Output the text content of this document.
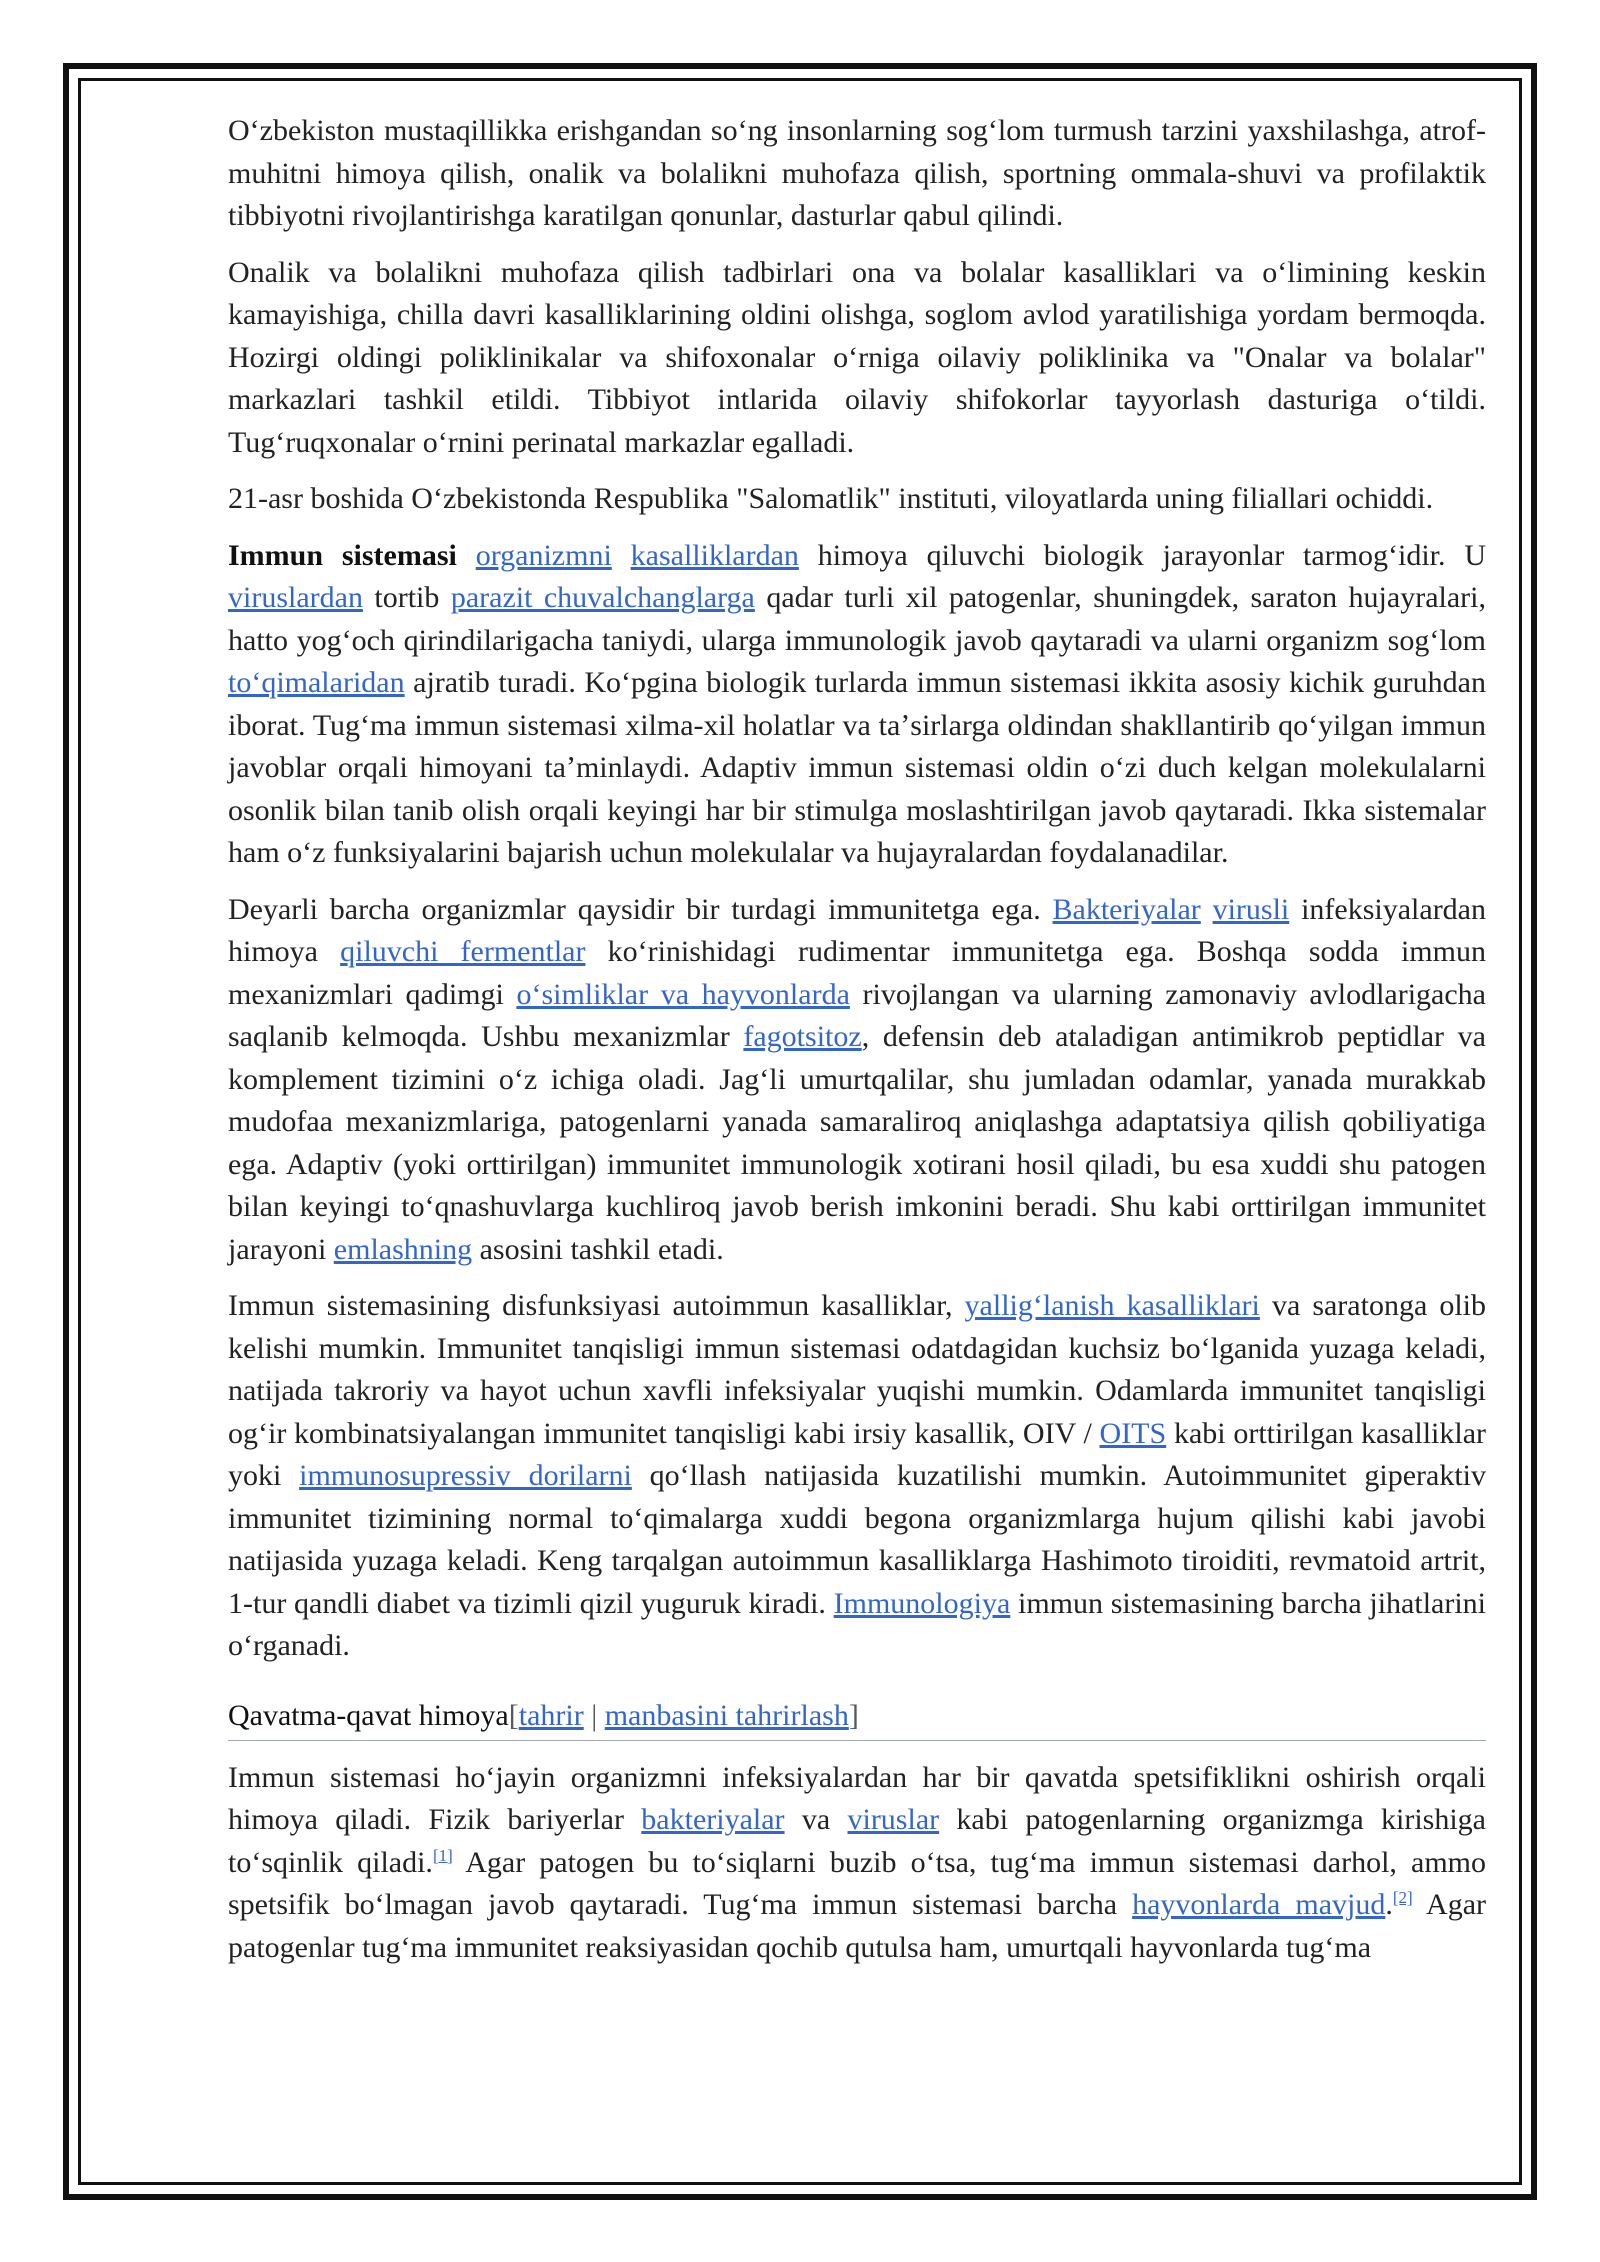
Oʻzbekiston mustaqillikka erishgandan soʻng insonlarning sogʻlom turmush tarzini yaxshilashga, atrof-muhitni himoya qilish, onalik va bolalikni muhofaza qilish, sportning ommala-shuvi va profilaktik tibbiyotni rivojlantirishga karatilgan qonunlar, dasturlar qabul qilindi.

Onalik va bolalikni muhofaza qilish tadbirlari ona va bolalar kasalliklari va oʻlimining keskin kamayishiga, chilla davri kasalliklarining oldini olishga, soglom avlod yaratilishiga yordam bermoqda. Hozirgi oldingi poliklinikalar va shifoxonalar oʻrniga oilaviy poliklinika va "Onalar va bolalar" markazlari tashkil etildi. Tibbiyot intlarida oilaviy shifokorlar tayyorlash dasturiga oʻtildi. Tugʻruqxonalar oʻrnini perinatal markazlar egalladi.

21-asr boshida Oʻzbekistonda Respublika "Salomatlik" instituti, viloyatlarda uning filiallari ochiddi.

Immun sistemasi organizmni kasalliklardan himoya qiluvchi biologik jarayonlar tarmogʻidir. U viruslardan tortib parazit chuvalchanglarga qadar turli xil patogenlar, shuningdek, saraton hujayralari, hatto yogʻoch qirindilarigacha taniydi, ularga immunologik javob qaytaradi va ularni organizm sogʻlom toʻqimalaridan ajratib turadi. Koʻpgina biologik turlarda immun sistemasi ikkita asosiy kichik guruhdan iborat. Tugʻma immun sistemasi xilma-xil holatlar va taʼsirlarga oldindan shakllantirib qoʻyilgan immun javoblar orqali himoyani taʼminlaydi. Adaptiv immun sistemasi oldin oʻzi duch kelgan molekulalarni osonlik bilan tanib olish orqali keyingi har bir stimulga moslashtirilgan javob qaytaradi. Ikka sistemalar ham oʻz funksiyalarini bajarish uchun molekulalar va hujayralardan foydalanadilar.

Deyarli barcha organizmlar qaysidir bir turdagi immunitetga ega. Bakteriyalar virusli infeksiyalardan himoya qiluvchi fermentlar koʻrinishidagi rudimentar immunitetga ega. Boshqa sodda immun mexanizmlari qadimgi oʻsimliklar va hayvonlarda rivojlangan va ularning zamonaviy avlodlarigacha saqlanib kelmoqda. Ushbu mexanizmlar fagotsitoz, defensin deb ataladigan antimikrob peptidlar va komplement tizimini oʻz ichiga oladi. Jagʻli umurtqalilar, shu jumladan odamlar, yanada murakkab mudofaa mexanizmlariga, patogenlarni yanada samaraliroq aniqlashga adaptatsiya qilish qobiliyatiga ega. Adaptiv (yoki orttirilgan) immunitet immunologik xotirani hosil qiladi, bu esa xuddi shu patogen bilan keyingi toʻqnashuvlarga kuchliroq javob berish imkonini beradi. Shu kabi orttirilgan immunitet jarayoni emlashning asosini tashkil etadi.

Immun sistemasining disfunksiyasi autoimmun kasalliklar, yalligʻlanish kasalliklari va saratonga olib kelishi mumkin. Immunitet tanqisligi immun sistemasi odatdagidan kuchsiz boʻlganida yuzaga keladi, natijada takroriy va hayot uchun xavfli infeksiyalar yuqishi mumkin. Odamlarda immunitet tanqisligi ogʻir kombinatsiyalangan immunitet tanqisligi kabi irsiy kasallik, OIV / OITS kabi orttirilgan kasalliklar yoki immunosupressiv dorilarni qoʻllash natijasida kuzatilishi mumkin. Autoimmunitet giperaktiv immunitet tizimining normal toʻqimalarga xuddi begona organizmlarga hujum qilishi kabi javobi natijasida yuzaga keladi. Keng tarqalgan autoimmun kasalliklarga Hashimoto tiroiditi, revmatoid artrit, 1-tur qandli diabet va tizimli qizil yuguruk kiradi. Immunologiya immun sistemasining barcha jihatlarini oʻrganadi.

Qavatma-qavat himoya[tahrir | manbasini tahrirlash]

Immun sistemasi hoʻjayin organizmni infeksiyalardan har bir qavatda spetsifiklikni oshirish orqali himoya qiladi. Fizik bariyerlar bakteriyalar va viruslar kabi patogenlarning organizmga kirishiga toʻsqinlik qiladi.[1] Agar patogen bu toʻsiqlarni buzib oʻtsa, tugʻma immun sistemasi darhol, ammo spetsifik boʻlmagan javob qaytaradi. Tugʻma immun sistemasi barcha hayvonlarda mavjud.[2] Agar patogenlar tugʻma immunitet reaksiyasidan qochib qutulsa ham, umurtqali hayvonlarda tugʻma
